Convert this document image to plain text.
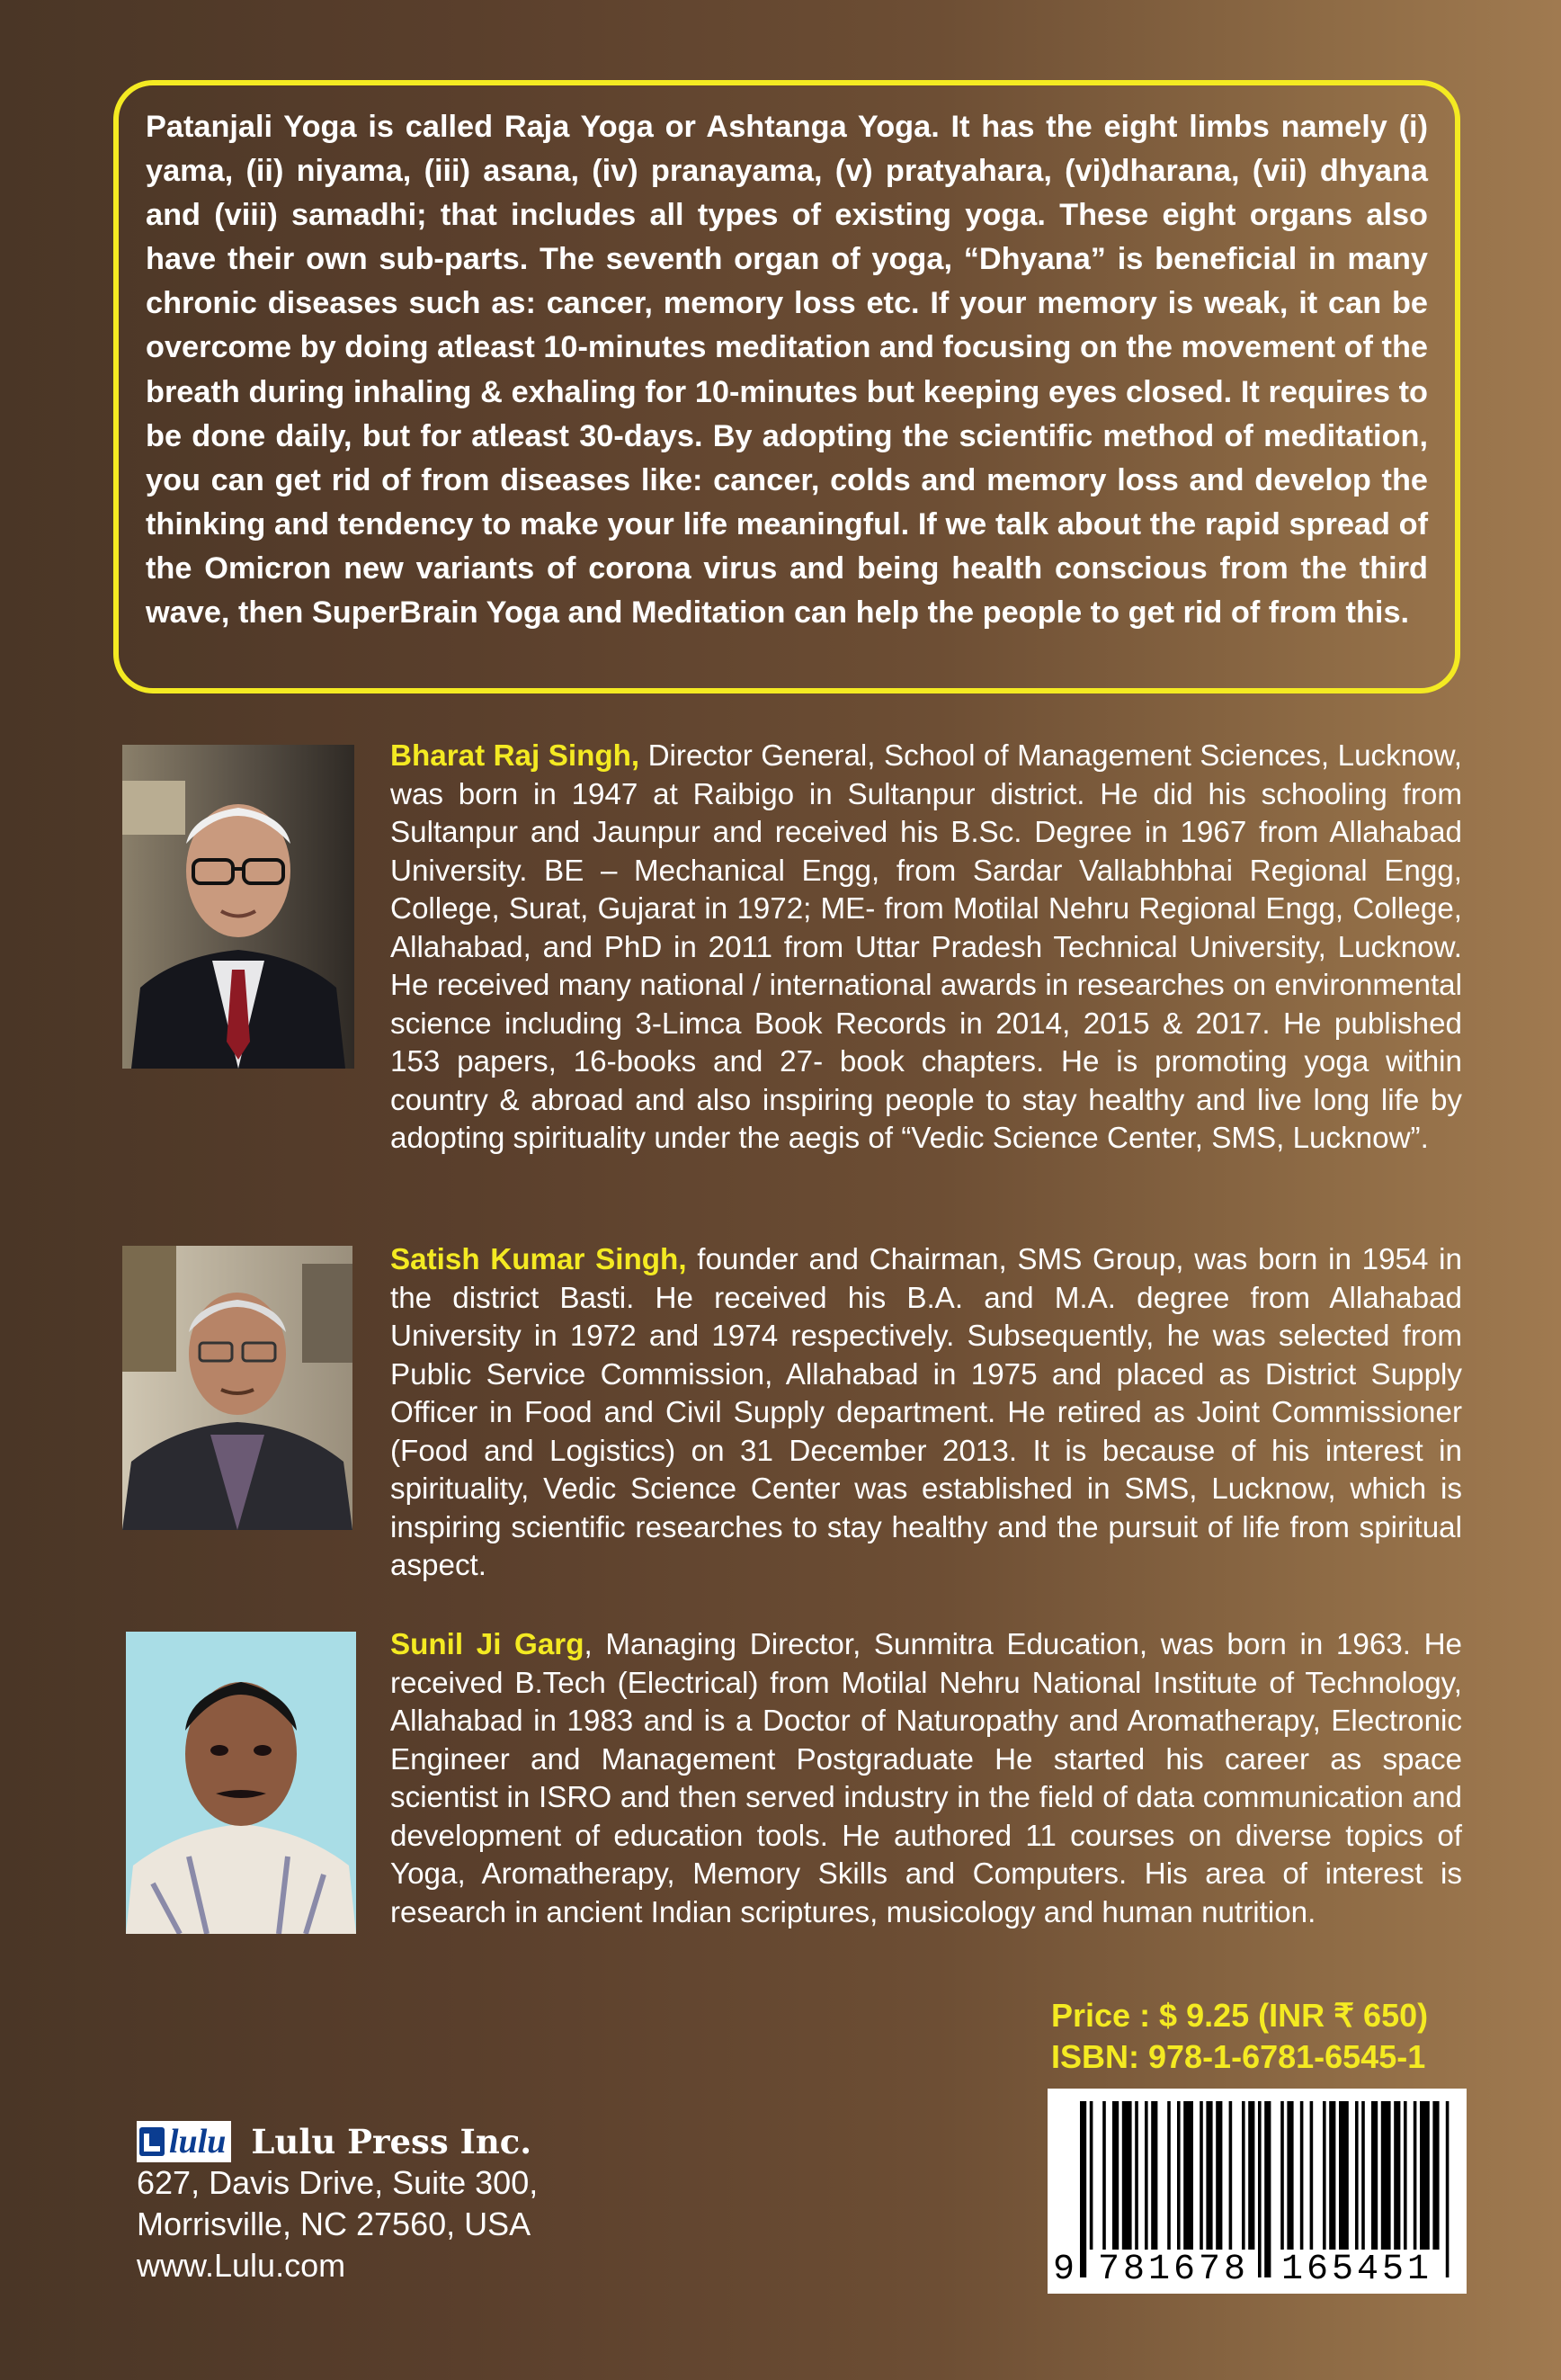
Patanjali Yoga is called Raja Yoga or Ashtanga Yoga. It has the eight limbs namely (i) yama, (ii) niyama, (iii) asana, (iv) pranayama, (v) pratyahara, (vi)dharana, (vii) dhyana and (viii) samadhi; that includes all types of existing yoga. These eight organs also have their own sub-parts. The seventh organ of yoga, “Dhyana” is beneficial in many chronic diseases such as: cancer, memory loss etc. If your memory is weak, it can be overcome by doing atleast 10-minutes meditation and focusing on the movement of the breath during inhaling & exhaling for 10-minutes but keeping eyes closed. It requires to be done daily, but for atleast 30-days. By adopting the scientific method of meditation, you can get rid of from diseases like: cancer, colds and memory loss and develop the thinking and tendency to make your life meaningful. If we talk about the rapid spread of the Omicron new variants of corona virus and being health conscious from the third wave, then SuperBrain Yoga and Meditation can help the people to get rid of from this.

Bharat Raj Singh, Director General, School of Management Sciences, Lucknow, was born in 1947 at Raibigo in Sultanpur district. He did his schooling from Sultanpur and Jaunpur and received his B.Sc. Degree in 1967 from Allahabad University. BE – Mechanical Engg, from Sardar Vallabhbhai Regional Engg, College, Surat, Gujarat in 1972; ME- from Motilal Nehru Regional Engg, College, Allahabad, and PhD in 2011 from Uttar Pradesh Technical University, Lucknow. He received many national / international awards in researches on environmental science including 3-Limca Book Records in 2014, 2015 & 2017. He published 153 papers, 16-books and 27- book chapters. He is promoting yoga within country & abroad and also inspiring people to stay healthy and live long life by adopting spirituality under the aegis of “Vedic Science Center, SMS, Lucknow”.

Satish Kumar Singh, founder and Chairman, SMS Group, was born in 1954 in the district Basti. He received his B.A. and M.A. degree from Allahabad University in 1972 and 1974 respectively. Subsequently, he was selected from Public Service Commission, Allahabad in 1975 and placed as District Supply Officer in Food and Civil Supply department. He retired as Joint Commissioner (Food and Logistics) on 31 December 2013. It is because of his interest in spirituality, Vedic Science Center was established in SMS, Lucknow, which is inspiring scientific researches to stay healthy and the pursuit of life from spiritual aspect.

Sunil Ji Garg, Managing Director, Sunmitra Education, was born in 1963. He received B.Tech (Electrical) from Motilal Nehru National Institute of Technology, Allahabad in 1983 and is a Doctor of Naturopathy and Aromatherapy, Electronic Engineer and Management Postgraduate He started his career as space scientist in ISRO and then served industry in the field of data communication and development of education tools. He authored 11 courses on diverse topics of Yoga, Aromatherapy, Memory Skills and Computers. His area of interest is research in ancient Indian scriptures, musicology and human nutrition.

Price : $ 9.25 (INR ₹ 650)
ISBN: 978-1-6781-6545-1
9 781678 165451
lulu Lulu Press Inc.
627, Davis Drive, Suite 300,
Morrisville, NC 27560, USA
www.Lulu.com
